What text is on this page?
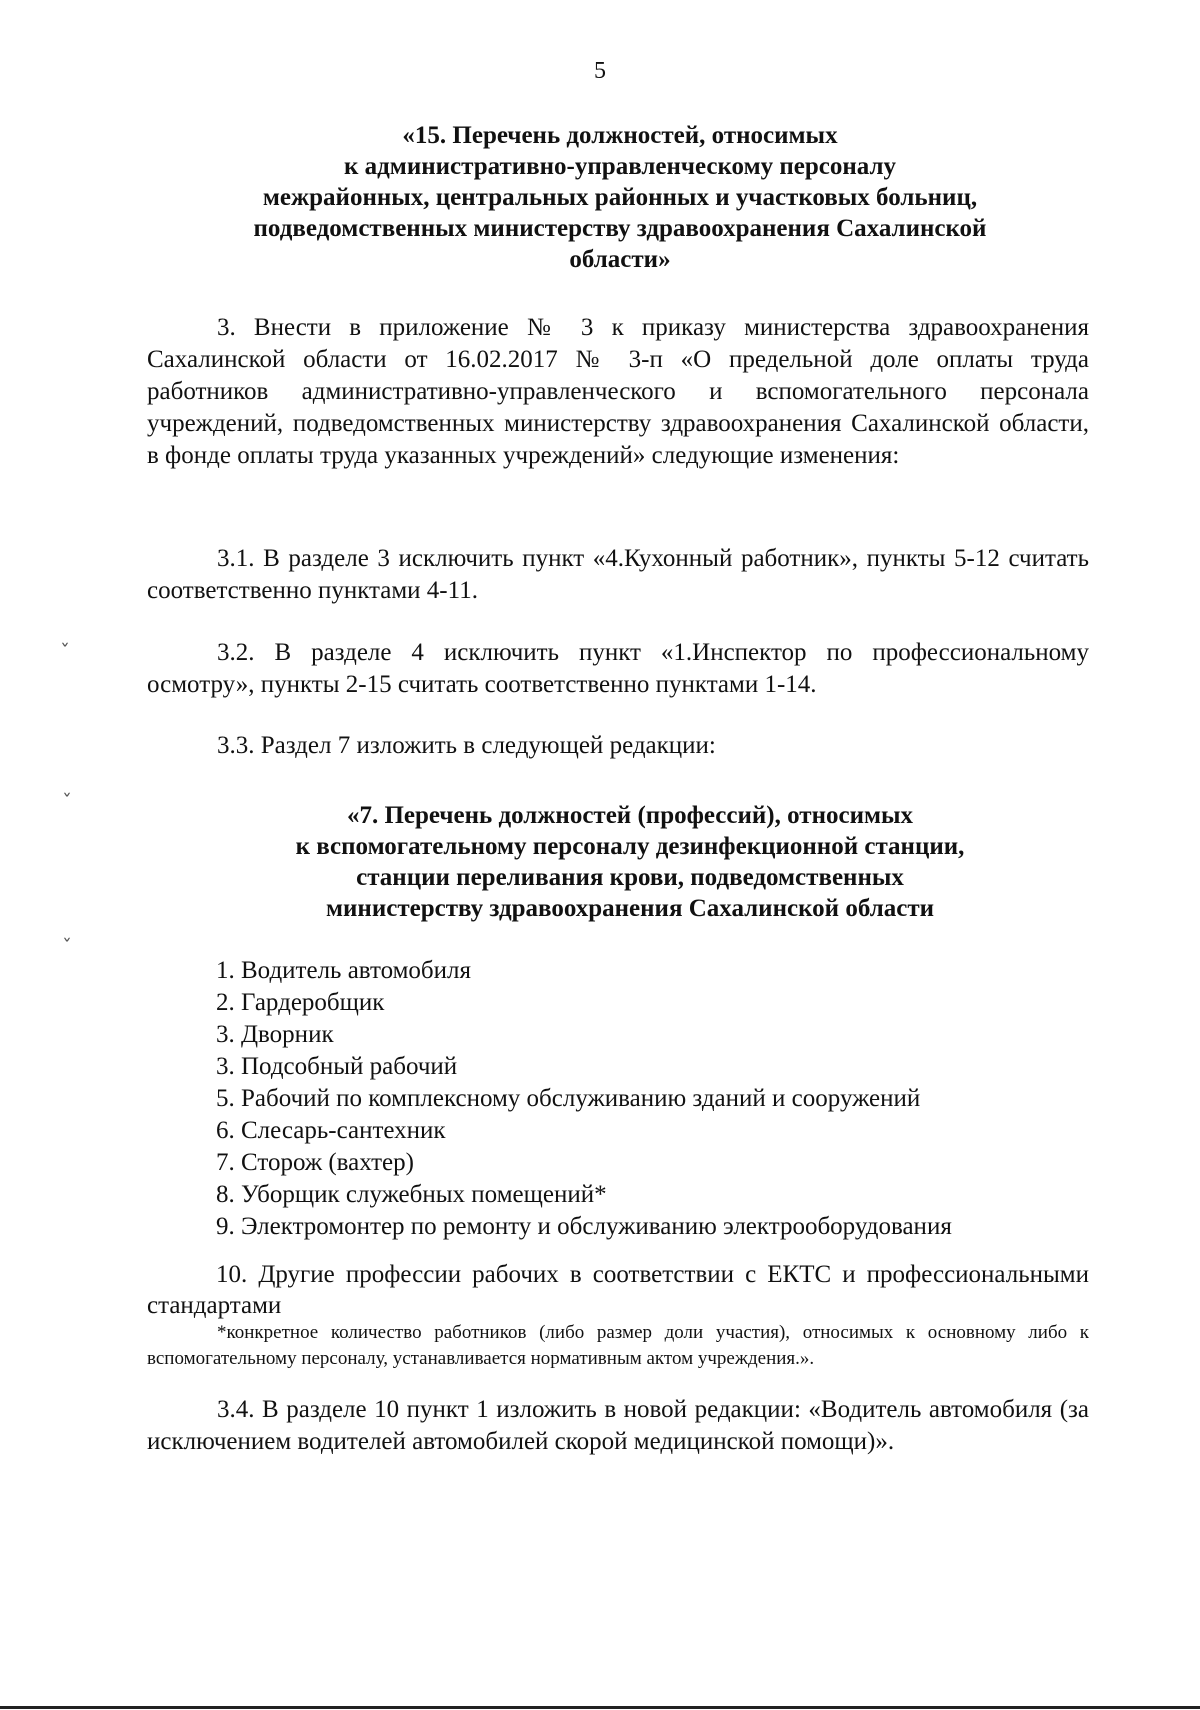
5
«15. Перечень должностей, относимых
к административно-управленческому персоналу
межрайонных, центральных районных и участковых больниц,
подведомственных министерству здравоохранения Сахалинской
области»

3. Внести в приложение № 3 к приказу министерства здравоохранения Сахалинской области от 16.02.2017 № 3-п «О предельной доле оплаты труда работников административно-управленческого и вспомогательного персонала учреждений, подведомственных министерству здравоохранения Сахалинской области, в фонде оплаты труда указанных учреждений» следующие изменения:

3.1. В разделе 3 исключить пункт «4.Кухонный работник», пункты 5-12 считать соответственно пунктами 4-11.

3.2. В разделе 4 исключить пункт «1.Инспектор по профессиональному осмотру», пункты 2-15 считать соответственно пунктами 1-14.

3.3. Раздел 7 изложить в следующей редакции:

«7. Перечень должностей (профессий), относимых
к вспомогательному персоналу дезинфекционной станции,
станции переливания крови, подведомственных
министерству здравоохранения Сахалинской области
1. Водитель автомобиля
2. Гардеробщик
3. Дворник
3. Подсобный рабочий
5. Рабочий по комплексному обслуживанию зданий и сооружений
6. Слесарь-сантехник
7. Сторож (вахтер)
8. Уборщик служебных помещений*
9. Электромонтер по ремонту и обслуживанию электрооборудования

10. Другие профессии рабочих в соответствии с ЕКТС и профессиональными стандартами

*конкретное количество работников (либо размер доли участия), относимых к основному либо к вспомогательному персоналу, устанавливается нормативным актом учреждения.».

3.4. В разделе 10 пункт 1 изложить в новой редакции: «Водитель автомобиля (за исключением водителей автомобилей скорой медицинской помощи)».

ˇ
ˇ
ˇ
